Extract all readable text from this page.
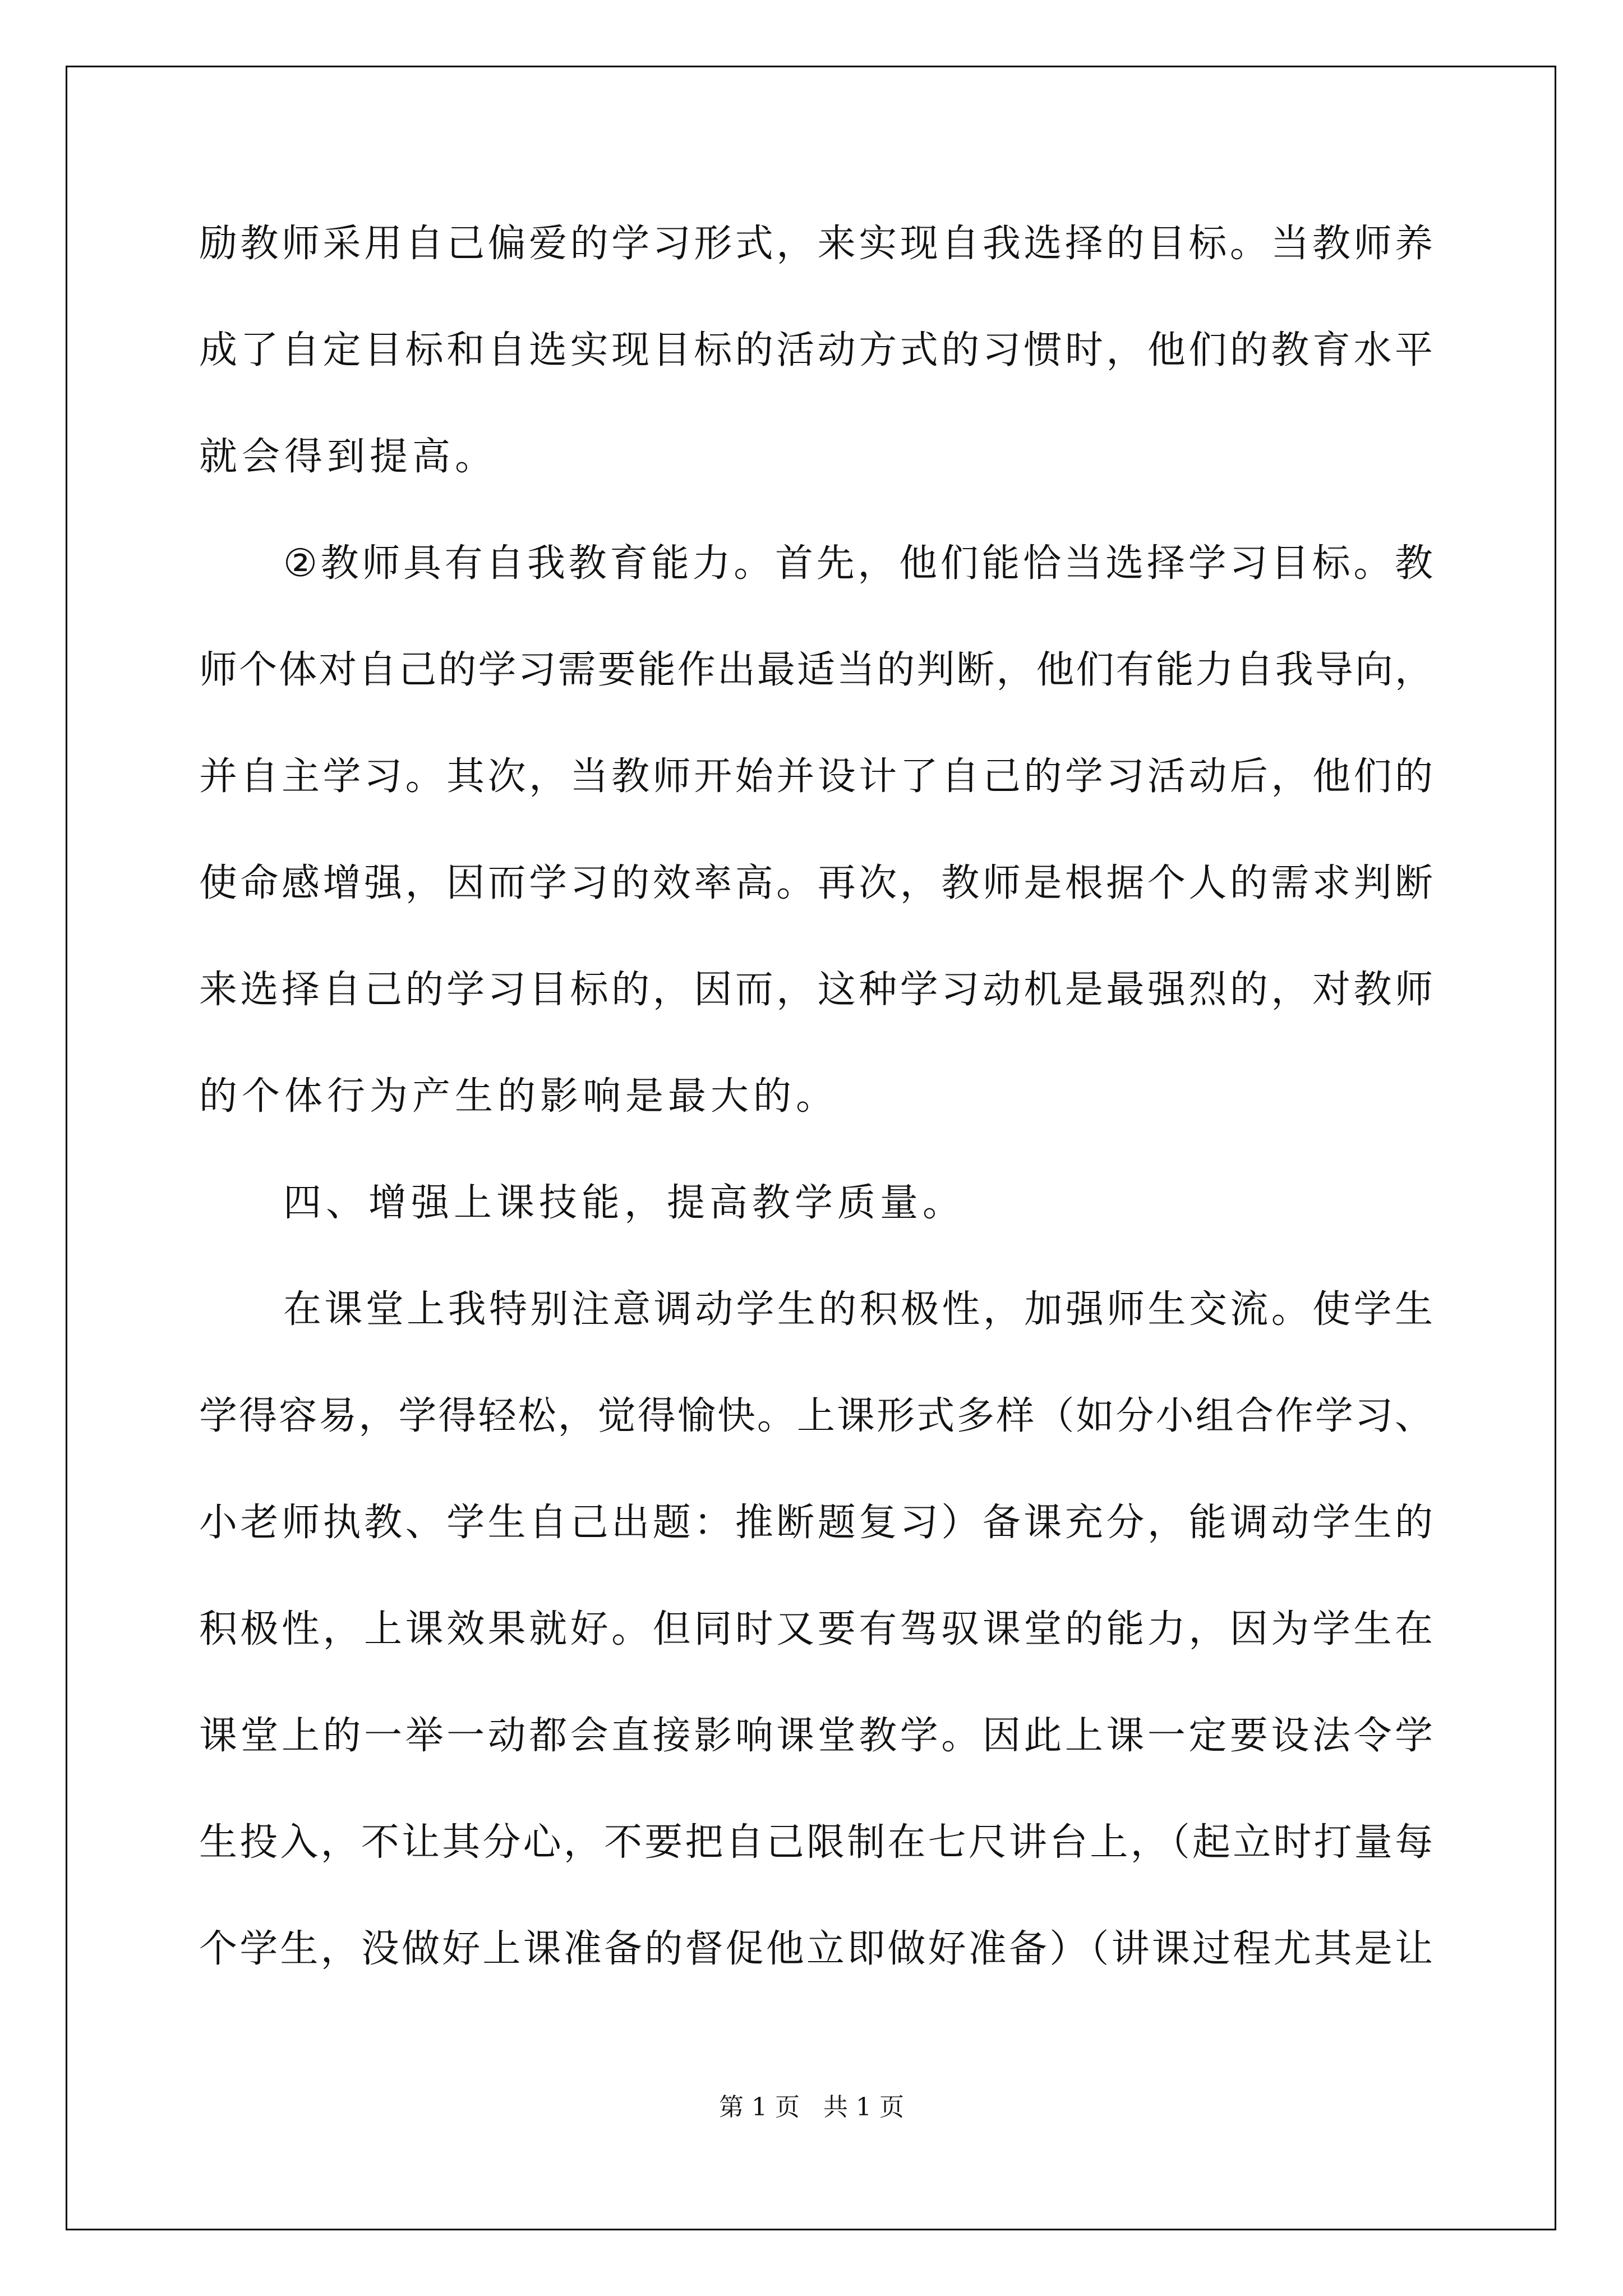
励教师采用自己偏爱的学习形式，来实现自我选择的目标。当教师养
成了自定目标和自选实现目标的活动方式的习惯时，他们的教育水平
就会得到提高。
②教师具有自我教育能力。首先，他们能恰当选择学习目标。教
师个体对自己的学习需要能作出最适当的判断，他们有能力自我导向，
并自主学习。其次，当教师开始并设计了自己的学习活动后，他们的
使命感增强，因而学习的效率高。再次，教师是根据个人的需求判断
来选择自己的学习目标的，因而，这种学习动机是最强烈的，对教师
的个体行为产生的影响是最大的。
四、增强上课技能，提高教学质量。
在课堂上我特别注意调动学生的积极性，加强师生交流。使学生
学得容易，学得轻松，觉得愉快。上课形式多样（如分小组合作学习、
小老师执教、学生自己出题：推断题复习）备课充分，能调动学生的
积极性，上课效果就好。但同时又要有驾驭课堂的能力，因为学生在
课堂上的一举一动都会直接影响课堂教学。因此上课一定要设法令学
生投入，不让其分心，不要把自己限制在七尺讲台上，（起立时打量每
个学生，没做好上课准备的督促他立即做好准备）（讲课过程尤其是让
第 1 页   共 1 页
